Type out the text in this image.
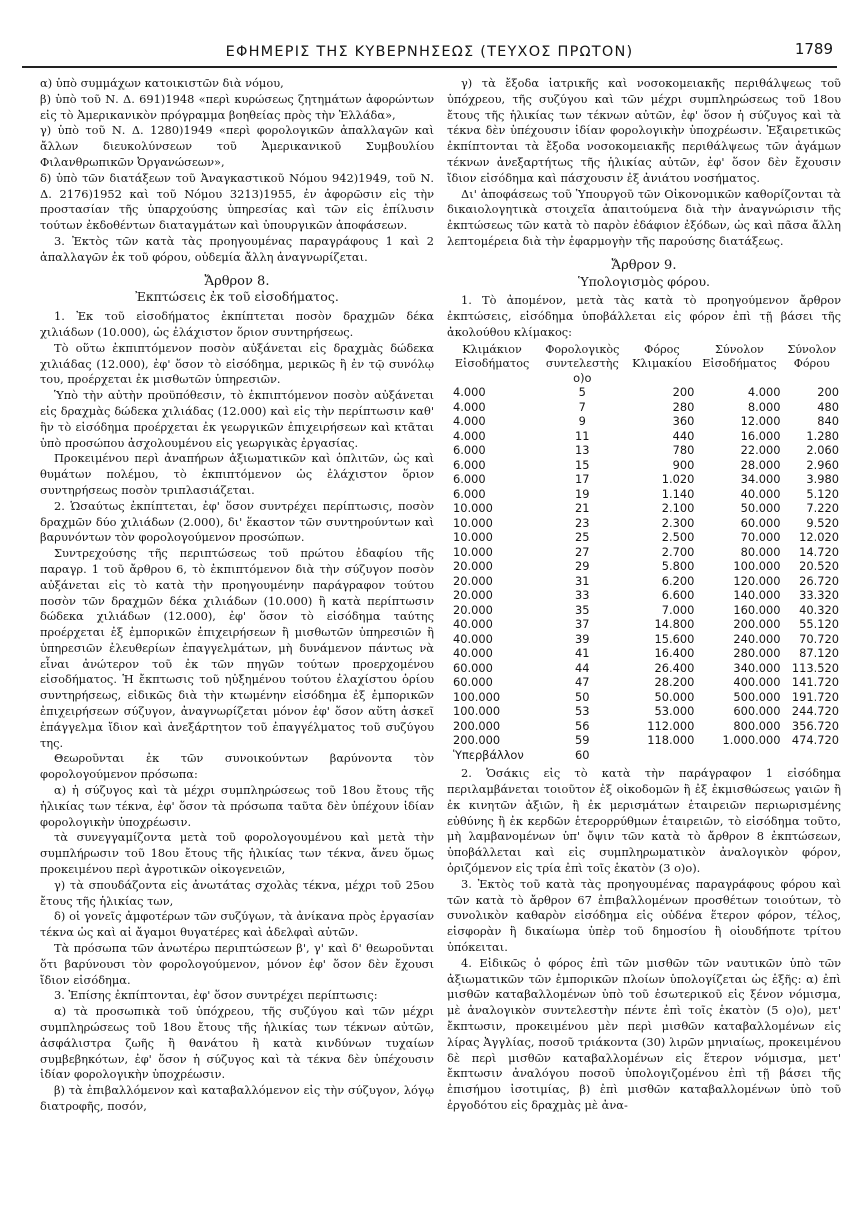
ΕΦΗΜΕΡΙΣ ΤΗΣ ΚΥΒΕΡΝΗΣΕΩΣ (ΤΕΥΧΟΣ ΠΡΩΤΟΝ)	1789

α) ὑπὸ συμμάχων κατοικιστῶν διὰ νόμου,

β) ὑπὸ τοῦ Ν. Δ. 691)1948 «περὶ κυρώσεως ζητημάτων ἀφορώντων εἰς τὸ Ἀμερικανικὸν πρόγραμμα βοηθείας πρὸς τὴν Ἑλλάδα»,

γ) ὑπὸ τοῦ Ν. Δ. 1280)1949 «περὶ φορολογικῶν ἀπαλλαγῶν καὶ ἄλλων διευκολύνσεων τοῦ Ἀμερικανικοῦ Συμβουλίου Φιλανθρωπικῶν Ὀργανώσεων»,

δ) ὑπὸ τῶν διατάξεων τοῦ Ἀναγκαστικοῦ Νόμου 942)1949, τοῦ Ν. Δ. 2176)1952 καὶ τοῦ Νόμου 3213)1955, ἐν ἀφορῶσιν εἰς τὴν προστασίαν τῆς ὑπαρχούσης ὑπηρεσίας καὶ τῶν εἰς ἐπίλυσιν τούτων ἐκδοθέντων διαταγμάτων καὶ ὑπουργικῶν ἀποφάσεων.

3. Ἐκτὸς τῶν κατὰ τὰς προηγουμένας παραγράφους 1 καὶ 2 ἀπαλλαγῶν ἐκ τοῦ φόρου, οὐδεμία ἄλλη ἀναγνωρίζεται.

Ἄρθρον 8.

Ἐκπτώσεις ἐκ τοῦ εἰσοδήματος.

1. Ἐκ τοῦ εἰσοδήματος ἐκπίπτεται ποσὸν δραχμῶν δέκα χιλιάδων (10.000), ὡς ἐλάχιστον ὅριον συντηρήσεως.

Τὸ οὕτω ἐκπιπτόμενον ποσὸν αὐξάνεται εἰς δραχμὰς δώδεκα χιλιάδας (12.000), ἐφ' ὅσον τὸ εἰσόδημα, μερικῶς ἢ ἐν τῷ συνόλῳ του, προέρχεται ἐκ μισθωτῶν ὑπηρεσιῶν.

Ὑπὸ τὴν αὐτὴν προϋπόθεσιν, τὸ ἐκπιπτόμενον ποσὸν αὐξάνεται εἰς δραχμὰς δώδεκα χιλιάδας (12.000) καὶ εἰς τὴν περίπτωσιν καθ' ἣν τὸ εἰσόδημα προέρχεται ἐκ γεωργικῶν ἐπιχειρήσεων καὶ κτᾶται ὑπὸ προσώπου ἀσχολουμένου εἰς γεωργικὰς ἐργασίας.

Προκειμένου περὶ ἀναπήρων ἀξιωματικῶν καὶ ὁπλιτῶν, ὡς καὶ θυμάτων πολέμου, τὸ ἐκπιπτόμενον ὡς ἐλάχιστον ὅριον συντηρήσεως ποσὸν τριπλασιάζεται.

2. Ὡσαύτως ἐκπίπτεται, ἐφ' ὅσον συντρέχει περίπτωσις, ποσὸν δραχμῶν δύο χιλιάδων (2.000), δι' ἕκαστον τῶν συντηρούντων καὶ βαρυνόντων τὸν φορολογούμενον προσώπων.

Συντρεχούσης τῆς περιπτώσεως τοῦ πρώτου ἐδαφίου τῆς παραγρ. 1 τοῦ ἄρθρου 6, τὸ ἐκπιπτόμενον διὰ τὴν σύζυγον ποσὸν αὐξάνεται εἰς τὸ κατὰ τὴν προηγουμένην παράγραφον τούτου ποσὸν τῶν δραχμῶν δέκα χιλιάδων (10.000) ἢ κατὰ περίπτωσιν δώδεκα χιλιάδων (12.000), ἐφ' ὅσον τὸ εἰσόδημα ταύτης προέρχεται ἐξ ἐμπορικῶν ἐπιχειρήσεων ἢ μισθωτῶν ὑπηρεσιῶν ἢ ὑπηρεσιῶν ἐλευθερίων ἐπαγγελμάτων, μὴ δυνάμενον πάντως νὰ εἶναι ἀνώτερον τοῦ ἐκ τῶν πηγῶν τούτων προερχομένου εἰσοδήματος. Ἡ ἔκπτωσις τοῦ ηὐξημένου τούτου ἐλαχίστου ὁρίου συντηρήσεως, εἰδικῶς διὰ τὴν κτωμένην εἰσόδημα ἐξ ἐμπορικῶν ἐπιχειρήσεων σύζυγον, ἀναγνωρίζεται μόνον ἐφ' ὅσον αὕτη ἀσκεῖ ἐπάγγελμα ἴδιον καὶ ἀνεξάρτητον τοῦ ἐπαγγέλματος τοῦ συζύγου της.

Θεωροῦνται ἐκ τῶν συνοικούντων βαρύνοντα τὸν φορολογούμενον πρόσωπα:

α) ἡ σύζυγος καὶ τὰ μέχρι συμπληρώσεως τοῦ 18ου ἔτους τῆς ἡλικίας των τέκνα, ἐφ' ὅσον τὰ πρόσωπα ταῦτα δὲν ὑπέχουν ἰδίαν φορολογικὴν ὑποχρέωσιν.

τὰ συνεγγαμίζοντα μετὰ τοῦ φορολογουμένου καὶ μετὰ τὴν συμπλήρωσιν τοῦ 18ου ἔτους τῆς ἡλικίας των τέκνα, ἄνευ ὅμως προκειμένου περὶ ἀγροτικῶν οἰκογενειῶν,

γ) τὰ σπουδάζοντα εἰς ἀνωτάτας σχολὰς τέκνα, μέχρι τοῦ 25ου ἔτους τῆς ἡλικίας των,

δ) οἱ γονεῖς ἀμφοτέρων τῶν συζύγων, τὰ ἀνίκανα πρὸς ἐργασίαν τέκνα ὡς καὶ αἱ ἄγαμοι θυγατέρες καὶ ἀδελφαὶ αὐτῶν.

Τὰ πρόσωπα τῶν ἀνωτέρω περιπτώσεων β', γ' καὶ δ' θεωροῦνται ὅτι βαρύνουσι τὸν φορολογούμενον, μόνον ἐφ' ὅσον δὲν ἔχουσι ἴδιον εἰσόδημα.

3. Ἐπίσης ἐκπίπτονται, ἐφ' ὅσον συντρέχει περίπτωσις:

α) τὰ προσωπικὰ τοῦ ὑπόχρεου, τῆς συζύγου καὶ τῶν μέχρι συμπληρώσεως τοῦ 18ου ἔτους τῆς ἡλικίας των τέκνων αὐτῶν, ἀσφάλιστρα ζωῆς ἢ θανάτου ἢ κατὰ κινδύνων τυχαίων συμβεβηκότων, ἐφ' ὅσον ἡ σύζυγος καὶ τὰ τέκνα δὲν ὑπέχουσιν ἰδίαν φορολογικὴν ὑποχρέωσιν.

β) τὰ ἐπιβαλλόμενον καὶ καταβαλλόμενον εἰς τὴν σύζυγον, λόγῳ διατροφῆς, ποσόν,

γ) τὰ ἔξοδα ἰατρικῆς καὶ νοσοκομειακῆς περιθάλψεως τοῦ ὑπόχρεου, τῆς συζύγου καὶ τῶν μέχρι συμπληρώσεως τοῦ 18ου ἔτους τῆς ἡλικίας των τέκνων αὐτῶν, ἐφ' ὅσον ἡ σύζυγος καὶ τὰ τέκνα δὲν ὑπέχουσιν ἰδίαν φορολογικὴν ὑποχρέωσιν. Ἐξαιρετικῶς ἐκπίπτονται τὰ ἔξοδα νοσοκομειακῆς περιθάλψεως τῶν ἀγάμων τέκνων ἀνεξαρτήτως τῆς ἡλικίας αὐτῶν, ἐφ' ὅσον δὲν ἔχουσιν ἴδιον εἰσόδημα καὶ πάσχουσιν ἐξ ἀνιάτου νοσήματος.

Δι' ἀποφάσεως τοῦ Ὑπουργοῦ τῶν Οἰκονομικῶν καθορίζονται τὰ δικαιολογητικὰ στοιχεῖα ἀπαιτούμενα διὰ τὴν ἀναγνώρισιν τῆς ἐκπτώσεως τῶν κατὰ τὸ παρὸν ἐδάφιον ἐξόδων, ὡς καὶ πᾶσα ἄλλη λεπτομέρεια διὰ τὴν ἐφαρμογὴν τῆς παρούσης διατάξεως.

Ἄρθρον 9.

Ὑπολογισμὸς φόρου.

1. Τὸ ἀπομένον, μετὰ τὰς κατὰ τὸ προηγούμενον ἄρθρον ἐκπτώσεις, εἰσόδημα ὑποβάλλεται εἰς φόρον ἐπὶ τῇ βάσει τῆς ἀκολούθου κλίμακος:

Κλιμάκιον Εἰσοδήματος	Φορολογικὸς συντελεστὴς	Φόρος Κλιμακίου	Σύνολον Εἰσοδήματος	Σύνολον Φόρου
	ο)ο			
4.000	5	200	4.000	200
4.000	7	280	8.000	480
4.000	9	360	12.000	840
4.000	11	440	16.000	1.280
6.000	13	780	22.000	2.060
6.000	15	900	28.000	2.960
6.000	17	1.020	34.000	3.980
6.000	19	1.140	40.000	5.120
10.000	21	2.100	50.000	7.220
10.000	23	2.300	60.000	9.520
10.000	25	2.500	70.000	12.020
10.000	27	2.700	80.000	14.720
20.000	29	5.800	100.000	20.520
20.000	31	6.200	120.000	26.720
20.000	33	6.600	140.000	33.320
20.000	35	7.000	160.000	40.320
40.000	37	14.800	200.000	55.120
40.000	39	15.600	240.000	70.720
40.000	41	16.400	280.000	87.120
60.000	44	26.400	340.000	113.520
60.000	47	28.200	400.000	141.720
100.000	50	50.000	500.000	191.720
100.000	53	53.000	600.000	244.720
200.000	56	112.000	800.000	356.720
200.000	59	118.000	1.000.000	474.720
Ὑπερβάλλον	60			

2. Ὁσάκις εἰς τὸ κατὰ τὴν παράγραφον 1 εἰσόδημα περιλαμβάνεται τοιοῦτον ἐξ οἰκοδομῶν ἢ ἐξ ἐκμισθώσεως γαιῶν ἢ ἐκ κινητῶν ἀξιῶν, ἢ ἐκ μερισμάτων ἑταιρειῶν περιωρισμένης εὐθύνης ἢ ἐκ κερδῶν ἑτερορρύθμων ἑταιρειῶν, τὸ εἰσόδημα τοῦτο, μὴ λαμβανομένων ὑπ' ὄψιν τῶν κατὰ τὸ ἄρθρον 8 ἐκπτώσεων, ὑποβάλλεται καὶ εἰς συμπληρωματικὸν ἀναλογικὸν φόρον, ὁριζόμενον εἰς τρία ἐπὶ τοῖς ἑκατὸν (3 ο)ο).

3. Ἐκτὸς τοῦ κατὰ τὰς προηγουμένας παραγράφους φόρου καὶ τῶν κατὰ τὸ ἄρθρον 67 ἐπιβαλλομένων προσθέτων τοιούτων, τὸ συνολικὸν καθαρὸν εἰσόδημα εἰς οὐδένα ἕτερον φόρον, τέλος, εἰσφορὰν ἢ δικαίωμα ὑπὲρ τοῦ δημοσίου ἢ οἱουδήποτε τρίτου ὑπόκειται.

4. Εἰδικῶς ὁ φόρος ἐπὶ τῶν μισθῶν τῶν ναυτικῶν ὑπὸ τῶν ἀξιωματικῶν τῶν ἐμπορικῶν πλοίων ὑπολογίζεται ὡς ἑξῆς: α) ἐπὶ μισθῶν καταβαλλομένων ὑπὸ τοῦ ἐσωτερικοῦ εἰς ξένον νόμισμα, μὲ ἀναλογικὸν συντελεστὴν πέντε ἐπὶ τοῖς ἑκατὸν (5 ο)ο), μετ' ἔκπτωσιν, προκειμένου μὲν περὶ μισθῶν καταβαλλομένων εἰς λίρας Ἀγγλίας, ποσοῦ τριάκοντα (30) λιρῶν μηνιαίως, προκειμένου δὲ περὶ μισθῶν καταβαλλομένων εἰς ἕτερον νόμισμα, μετ' ἔκπτωσιν ἀναλόγου ποσοῦ ὑπολογιζομένου ἐπὶ τῇ βάσει τῆς ἐπισήμου ἰσοτιμίας, β) ἐπὶ μισθῶν καταβαλλομένων ὑπὸ τοῦ ἐργοδότου εἰς δραχμὰς μὲ ἀνα-
